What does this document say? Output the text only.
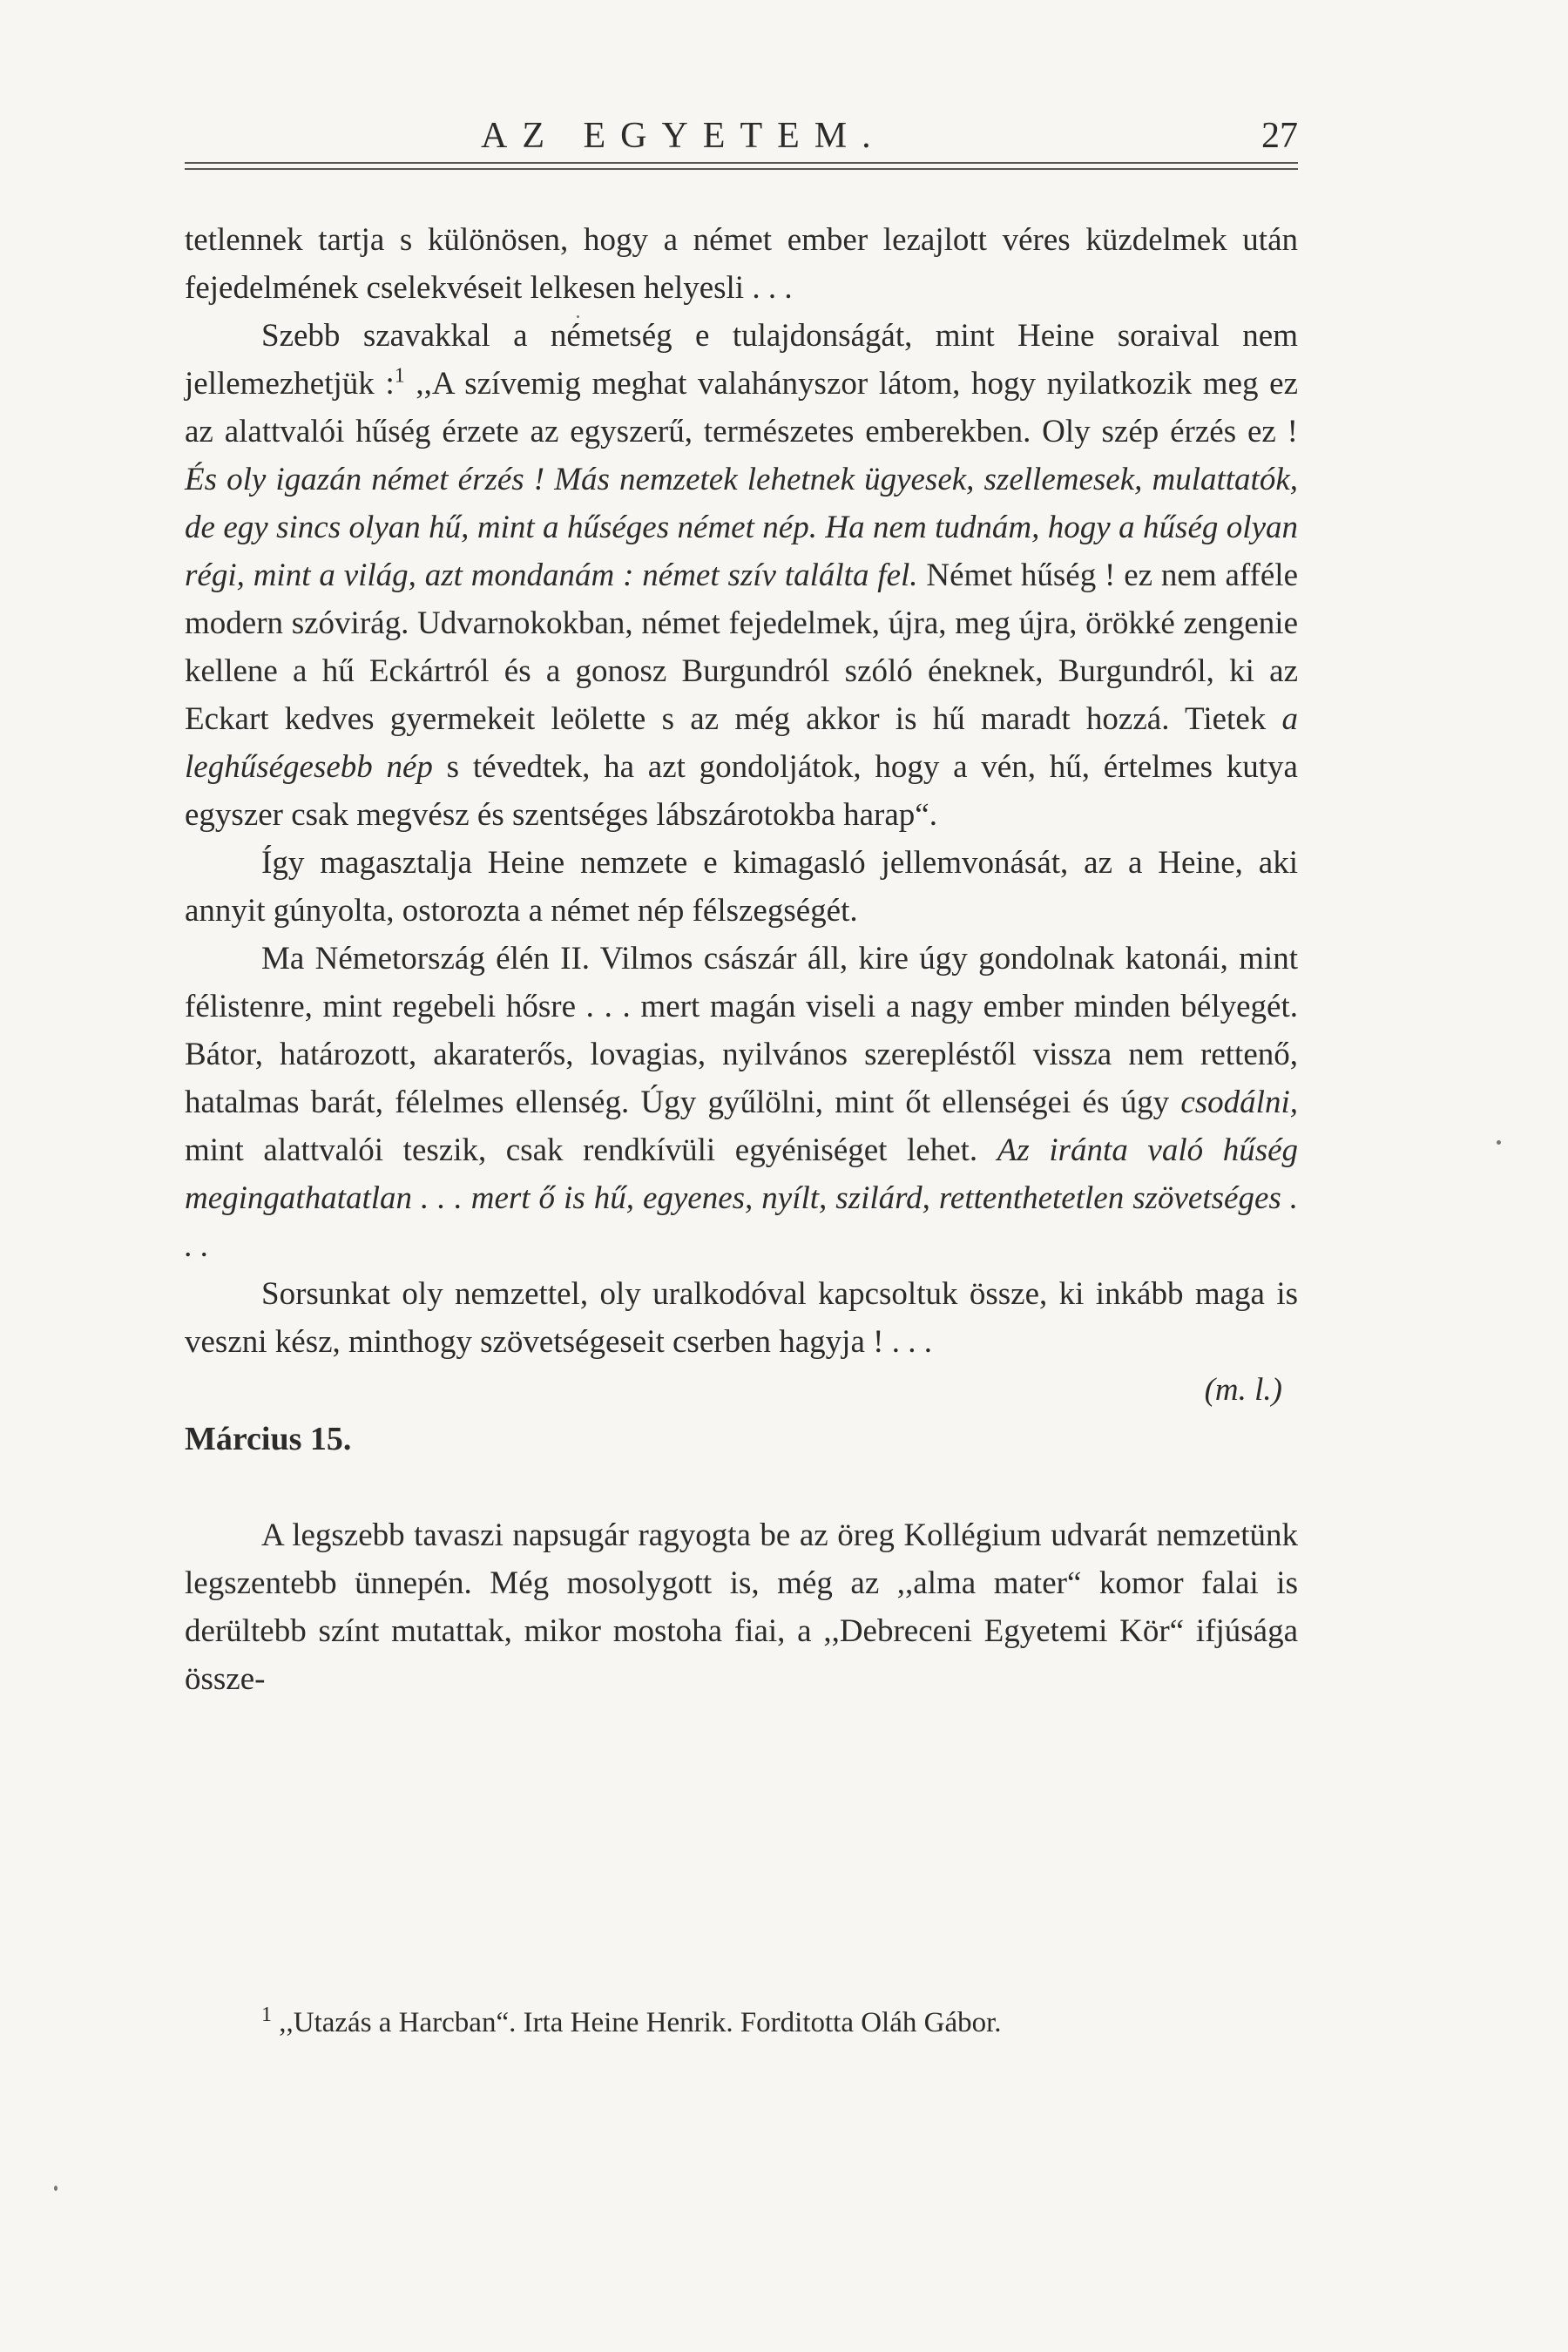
AZ EGYETEM.	27

tetlennek tartja s különösen, hogy a német ember lezajlott véres küzdelmek után fejedelmének cselekvéseit lelkesen helyesli . . .

Szebb szavakkal a németség e tulajdonságát, mint Heine soraival nem jellemezhetjük :$^1$ ,,A szívemig meghat valahányszor látom, hogy nyilatkozik meg ez az alattvalói hűség érzete az egyszerű, természetes emberekben. Oly szép érzés ez ! És oly igazán német érzés ! Más nemzetek lehetnek ügyesek, szellemesek, mulattatók, de egy sincs olyan hű, mint a hűséges német nép. Ha nem tudnám, hogy a hűség olyan régi, mint a világ, azt mondanám : német szív találta fel. Német hűség ! ez nem afféle modern szóvirág. Udvarnokokban, német fejedelmek, újra, meg újra, örökké zengenie kellene a hű Eckártról és a gonosz Burgundról szóló éneknek, Burgundról, ki az Eckart kedves gyermekeit leölette s az még akkor is hű maradt hozzá. Tietek a leghűségesebb nép s tévedtek, ha azt gondoljátok, hogy a vén, hű, értelmes kutya egyszer csak megvész és szentséges lábszárotokba harap“.

Így magasztalja Heine nemzete e kimagasló jellemvonását, az a Heine, aki annyit gúnyolta, ostorozta a német nép félszegségét.

Ma Németország élén II. Vilmos császár áll, kire úgy gondolnak katonái, mint félistenre, mint regebeli hősre . . . mert magán viseli a nagy ember minden bélyegét. Bátor, határozott, akaraterős, lovagias, nyilvános szerepléstől vissza nem rettenő, hatalmas barát, félelmes ellenség. Úgy gyűlölni, mint őt ellenségei és úgy csodálni, mint alattvalói teszik, csak rendkívüli egyéniséget lehet. Az iránta való hűség megingathatatlan . . . mert ő is hű, egyenes, nyílt, szilárd, rettenthetetlen szövetséges . . .

Sorsunkat oly nemzettel, oly uralkodóval kapcsoltuk össze, ki inkább maga is veszni kész, minthogy szövetségeseit cserben hagyja ! . . .

(m. l.)

Március 15.

A legszebb tavaszi napsugár ragyogta be az öreg Kollégium udvarát nemzetünk legszentebb ünnepén. Még mosolygott is, még az ,,alma mater“ komor falai is derültebb színt mutattak, mikor mostoha fiai, a ,,Debreceni Egyetemi Kör“ ifjúsága össze-

$^1$ ,,Utazás a Harcban“. Irta Heine Henrik. Forditotta Oláh Gábor.
